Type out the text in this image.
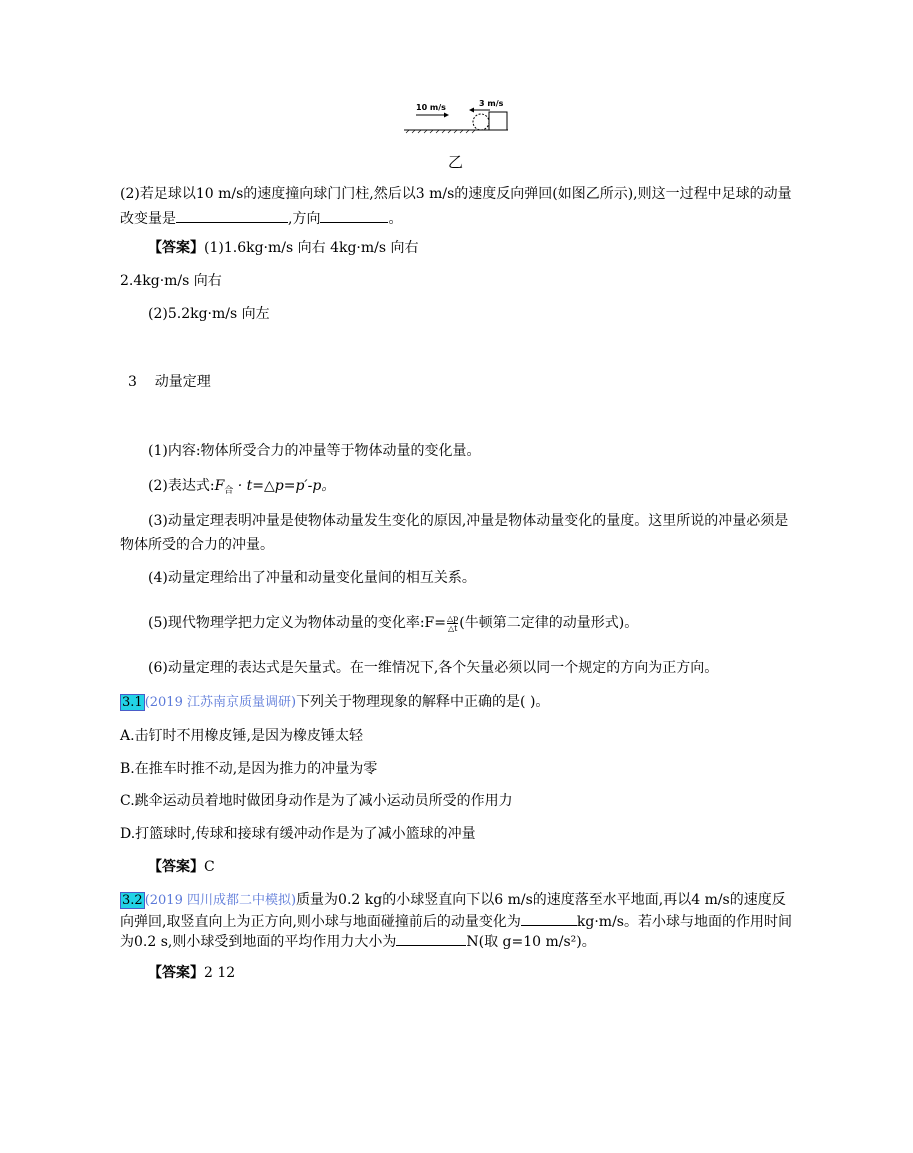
10 m/s	3 m/s
乙
(2)若足球以10 m/s的速度撞向球门门柱,然后以3 m/s的速度反向弹回(如图乙所示),则这一过程中足球的动量
改变量是	,方向	。
【答案】(1)1.6kg·m/s 向右 4kg·m/s 向右
2.4kg·m/s 向右
(2)5.2kg·m/s 向左
3 动量定理
(1)内容:物体所受合力的冲量等于物体动量的变化量。
(2)表达式$:F_合$ · t=△p=p′-p。
(3)动量定理表明冲量是使物体动量发生变化的原因,冲量是物体动量变化的量度。这里所说的冲量必须是
物体所受的合力的冲量。
(4)动量定理给出了冲量和动量变化量间的相互关系。
(5)现代物理学把力定义为物体动量的变化率:F= $\frac{\triangle p}{\triangle t}$ (牛顿第二定律的动量形式)。
(6)动量定理的表达式是矢量式。在一维情况下,各个矢量必须以同一个规定的方向为正方向。
3.1 (2019 江苏南京质量调研)下列关于物理现象的解释中正确的是( )。
A.击钉时不用橡皮锤,是因为橡皮锤太轻
B.在推车时推不动,是因为推力的冲量为零
C.跳伞运动员着地时做团身动作是为了减小运动员所受的作用力
D.打篮球时,传球和接球有缓冲动作是为了减小篮球的冲量
【答案】C
3.2 (2019 四川成都二中模拟)质量为0.2 kg的小球竖直向下以6 m/s的速度落至水平地面,再以4 m/s的速度反
向弹回,取竖直向上为正方向,则小球与地面碰撞前后的动量变化为	kg·m/s。若小球与地面的作用时间
为0.2 s,则小球受到地面的平均作用力大小为	N(取 g=10 m/s²)。
【答案】2 12
